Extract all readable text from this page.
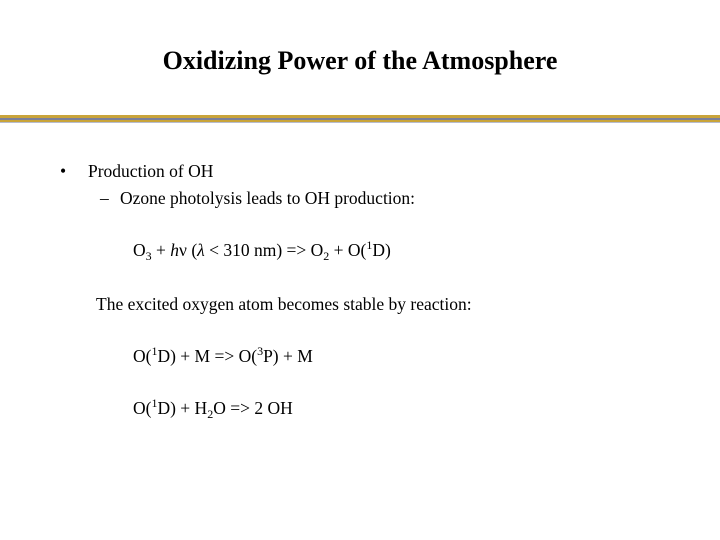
Oxidizing Power of the Atmosphere
• Production of OH
– Ozone photolysis leads to OH production:
$O_3 + h\nu$ (λ < 310 $nm) => O_2 + O(^1D)$
The excited oxygen atom becomes stable by reaction:
O($^1$D) + M => O($^3$P) + M
$O(^1D) + H_2O => 2$ OH
